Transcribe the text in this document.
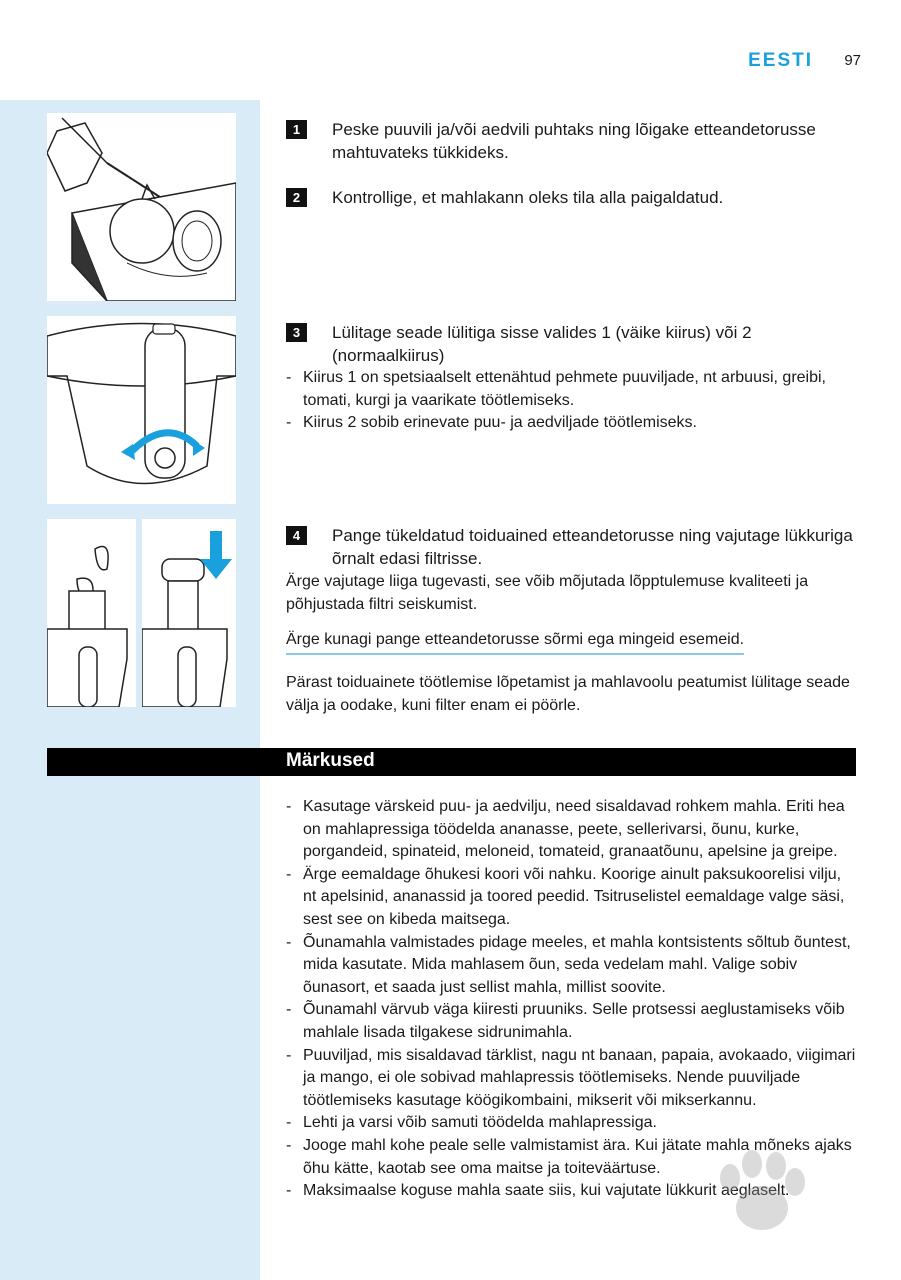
EESTI 97
1	Peske puuvili ja/või aedvili puhtaks ning lõigake etteandetorusse mahtuvateks tükkideks.
2	Kontrollige, et mahlakann oleks tila alla paigaldatud.
3	Lülitage seade lülitiga sisse valides 1 (väike kiirus) või 2 (normaalkiirus)
- Kiirus 1 on spetsiaalselt ettenähtud pehmete puuviljade, nt arbuusi, greibi, tomati, kurgi ja vaarikate töötlemiseks.
- Kiirus 2 sobib erinevate puu- ja aedviljade töötlemiseks.
4	Pange tükeldatud toiduained etteandetorusse ning vajutage lükkuriga õrnalt edasi filtrisse.

Ärge vajutage liiga tugevasti, see võib mõjutada lõpptulemuse kvaliteeti ja põhjustada filtri seiskumist.

Ärge kunagi pange etteandetorusse sõrmi ega mingeid esemeid.

Pärast toiduainete töötlemise lõpetamist ja mahlavoolu peatumist lülitage seade välja ja oodake, kuni filter enam ei pöörle.

Märkused
- Kasutage värskeid puu- ja aedvilju, need sisaldavad rohkem mahla. Eriti hea on mahlapressiga töödelda ananasse, peete, sellerivarsi, õunu, kurke, porgandeid, spinateid, meloneid, tomateid, granaatõunu, apelsine ja greipe.
- Ärge eemaldage õhukesi koori või nahku. Koorige ainult paksukoorelisi vilju, nt apelsinid, ananassid ja toored peedid. Tsitruselistel eemaldage valge säsi, sest see on kibeda maitsega.
- Õunamahla valmistades pidage meeles, et mahla kontsistents sõltub õuntest, mida kasutate. Mida mahlasem õun, seda vedelam mahl. Valige sobiv õunasort, et saada just sellist mahla, millist soovite.
- Õunamahl värvub väga kiiresti pruuniks. Selle protsessi aeglustamiseks võib mahlale lisada tilgakese sidrunimahla.
- Puuviljad, mis sisaldavad tärklist, nagu nt banaan, papaia, avokaado, viigimari ja mango, ei ole sobivad mahlapressis töötlemiseks. Nende puuviljade töötlemiseks kasutage köögikombaini, mikserit või mikserkannu.
- Lehti ja varsi võib samuti töödelda mahlapressiga.
- Jooge mahl kohe peale selle valmistamist ära. Kui jätate mahla mõneks ajaks õhu kätte, kaotab see oma maitse ja toiteväärtuse.
- Maksimaalse koguse mahla saate siis, kui vajutate lükkurit aeglaselt.
